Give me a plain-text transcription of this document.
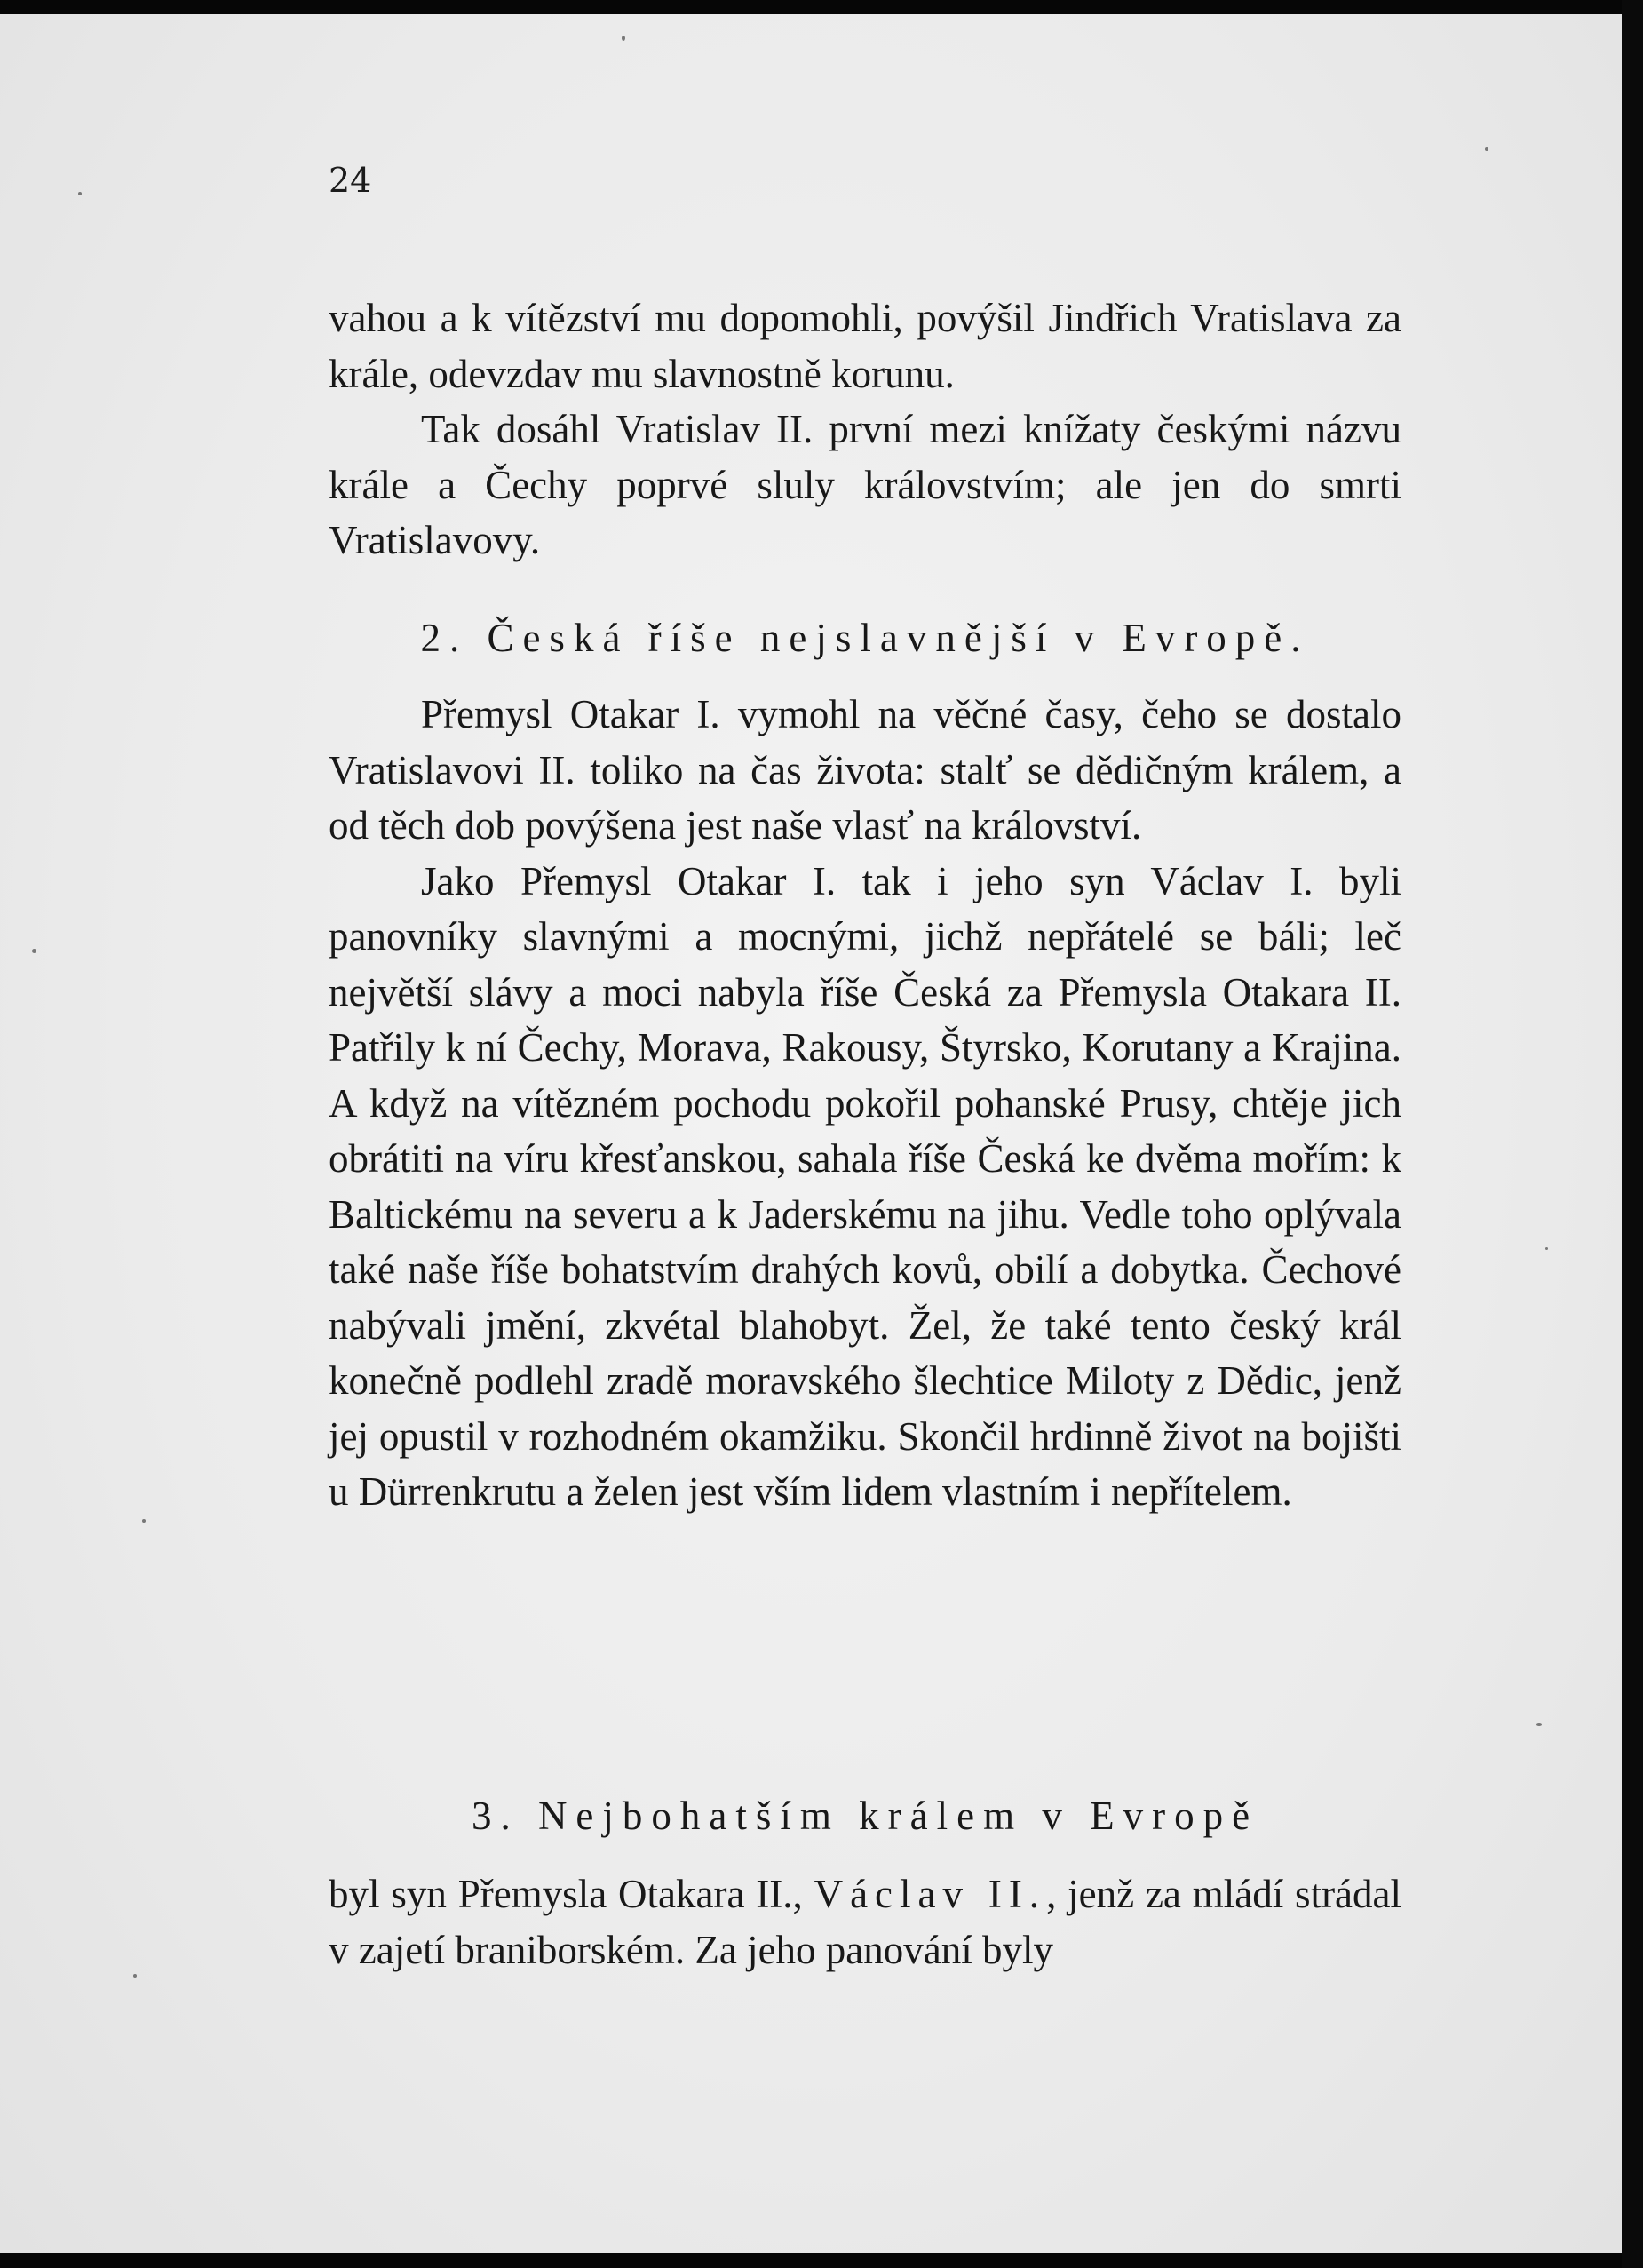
24

vahou a k vítězství mu dopomohli, povýšil Jindřich Vratislava za krále, odevzdav mu slavnostně korunu.

Tak dosáhl Vratislav II. první mezi knížaty českými názvu krále a Čechy poprvé sluly královstvím; ale jen do smrti Vratislavovy.

2. Česká říše nejslavnější v Evropě.

Přemysl Otakar I. vymohl na věčné časy, čeho se dostalo Vratislavovi II. toliko na čas života: stalť se dědičným králem, a od těch dob povýšena jest naše vlasť na království.

Jako Přemysl Otakar I. tak i jeho syn Václav I. byli panovníky slavnými a mocnými, jichž nepřátelé se báli; leč největší slávy a moci nabyla říše Česká za Přemysla Otakara II. Patřily k ní Čechy, Morava, Rakousy, Štyrsko, Korutany a Krajina. A když na vítězném pochodu pokořil pohanské Prusy, chtěje jich obrátiti na víru křesťanskou, sahala říše Česká ke dvěma mořím: k Baltickému na severu a k Jaderskému na jihu. Vedle toho oplývala také naše říše bohatstvím drahých kovů, obilí a dobytka. Čechové nabývali jmění, zkvétal blahobyt. Žel, že také tento český král konečně podlehl zradě moravského šlechtice Miloty z Dědic, jenž jej opustil v rozhodném okamžiku. Skončil hrdinně život na bojišti u Dürrenkrutu a želen jest vším lidem vlastním i nepřítelem.

3. Nejbohatším králem v Evropě

byl syn Přemysla Otakara II., Václav II., jenž za mládí strádal v zajetí braniborském. Za jeho panování byly
